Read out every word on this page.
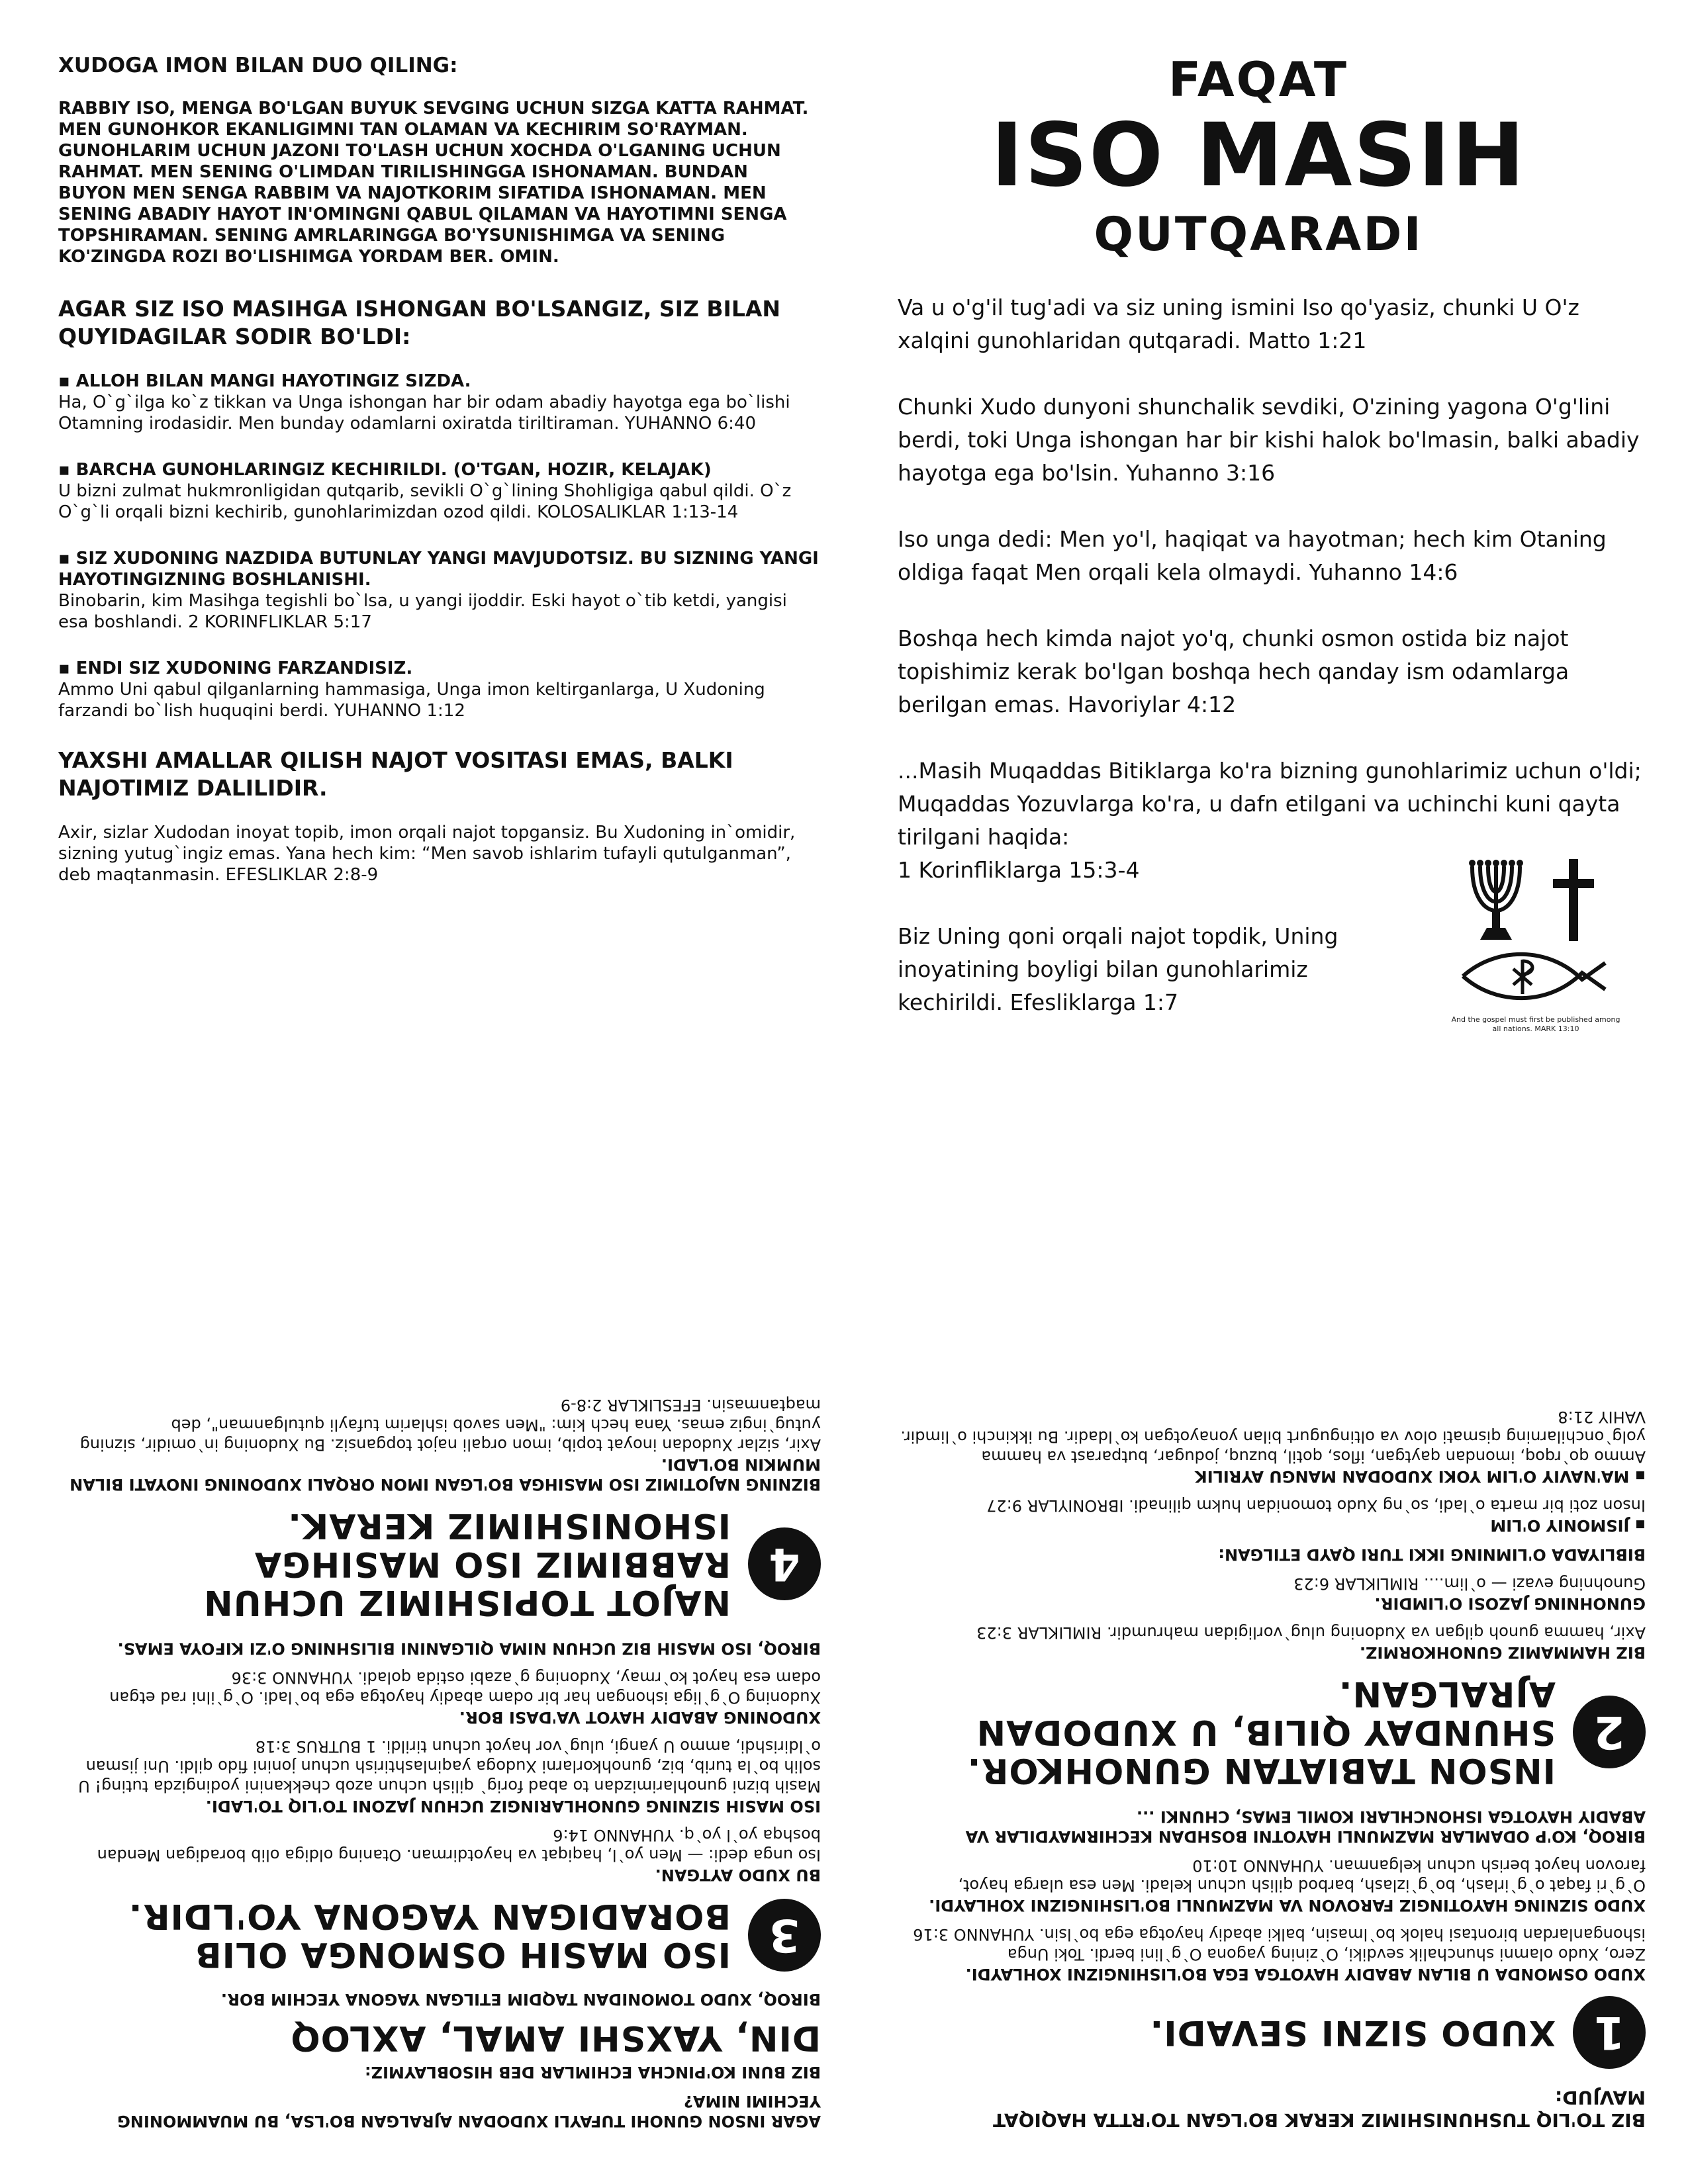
XUDOGA IMON BILAN DUO QILING:
RABBIY ISO, MENGA BO'LGAN BUYUK SEVGING UCHUN SIZGA KATTA RAHMAT. MEN GUNOHKOR EKANLIGIMNI TAN OLAMAN VA KECHIRIM SO'RAYMAN. GUNOHLARIM UCHUN JAZONI TO'LASH UCHUN XOCHDA O'LGANING UCHUN RAHMAT. MEN SENING O'LIMDAN TIRILISHINGGA ISHONAMAN. BUNDAN BUYON MEN SENGA RABBIM VA NAJOTKORIM SIFATIDA ISHONAMAN. MEN SENING ABADIY HAYOT IN'OMINGNI QABUL QILAMAN VA HAYOTIMNI SENGA TOPSHIRAMAN. SENING AMRLARINGGA BO'YSUNISHIMGA VA SENING KO'ZINGDA ROZI BO'LISHIMGA YORDAM BER. OMIN.
AGAR SIZ ISO MASIHGA ISHONGAN BO'LSANGIZ, SIZ BILAN QUYIDAGILAR SODIR BO'LDI:
▪ ALLOH BILAN MANGI HAYOTINGIZ SIZDA.
Ha, O`g`ilga ko`z tikkan va Unga ishongan har bir odam abadiy hayotga ega bo`lishi Otamning irodasidir. Men bunday odamlarni oxiratda tiriltiraman. YUHANNO 6:40
▪ BARCHA GUNOHLARINGIZ KECHIRILDI. (O'TGAN, HOZIR, KELAJAK)
U bizni zulmat hukmronligidan qutqarib, sevikli O`g`lining Shohligiga qabul qildi. O`z O`g`li orqali bizni kechirib, gunohlarimizdan ozod qildi. KOLOSALIKLAR 1:13-14
▪ SIZ XUDONING NAZDIDA BUTUNLAY YANGI MAVJUDOTSIZ. BU SIZNING YANGI HAYOTINGIZNING BOSHLANISHI.
Binobarin, kim Masihga tegishli bo`lsa, u yangi ijoddir. Eski hayot o`tib ketdi, yangisi esa boshlandi. 2 KORINFLIKLAR 5:17
▪ ENDI SIZ XUDONING FARZANDISIZ.
Ammo Uni qabul qilganlarning hammasiga, Unga imon keltirganlarga, U Xudoning farzandi bo`lish huquqini berdi. YUHANNO 1:12
YAXSHI AMALLAR QILISH NAJOT VOSITASI EMAS, BALKI NAJOTIMIZ DALILIDIR.

Axir, sizlar Xudodan inoyat topib, imon orqali najot topgansiz. Bu Xudoning in`omidir, sizning yutug`ingiz emas. Yana hech kim: “Men savob ishlarim tufayli qutulganman”, deb maqtanmasin. EFESLIKLAR 2:8-9

FAQAT
ISO MASIH
QUTQARADI

Va u o'g'il tug'adi va siz uning ismini Iso qo'yasiz, chunki U O'z xalqini gunohlaridan qutqaradi. Matto 1:21

Chunki Xudo dunyoni shunchalik sevdiki, O'zining yagona O'g'lini berdi, toki Unga ishongan har bir kishi halok bo'lmasin, balki abadiy hayotga ega bo'lsin. Yuhanno 3:16

Iso unga dedi: Men yo'l, haqiqat va hayotman; hech kim Otaning oldiga faqat Men orqali kela olmaydi. Yuhanno 14:6

Boshqa hech kimda najot yo'q, chunki osmon ostida biz najot topishimiz kerak bo'lgan boshqa hech qanday ism odamlarga berilgan emas. Havoriylar 4:12

...Masih Muqaddas Bitiklarga ko'ra bizning gunohlarimiz uchun o'ldi; Muqaddas Yozuvlarga ko'ra, u dafn etilgani va uchinchi kuni qayta tirilgani haqida:

1 Korinfliklarga 15:3-4

Biz Uning qoni orqali najot topdik, Uning inoyatining boyligi bilan gunohlarimiz kechirildi. Efesliklarga 1:7

And the gospel must first be published among all nations. MARK 13:10
BIZ TO'LIQ TUSHUNISHIMIZ KERAK BO'LGAN TO'RTTA HAQIQAT MAVJUD:
1
XUDO SIZNI SEVADI.
XUDO OSMONDA U BILAN ABADIY HAYOTGA EGA BO'LISHINGIZNI XOHLAYDI.
Zero, Xudo olamni shunchalik sevdiki, O`zining yagona O`g`lini berdi. Toki Unga ishonganlardan birontasi halok bo`lmasin, balki abadiy hayotga ega bo`lsin. YUHANNO 3:16
XUDO SIZNING HAYOTINGIZ FAROVON VA MAZMUNLI BO'LISHINGIZNI XOHLAYDI.
O`g`ri faqat o`g`irlash, bo`g`izlash, barbod qilish uchun keladi. Men esa ularga hayot, farovon hayot berish uchun kelganman. YUHANNO 10:10
BIROQ, KO'P ODAMLAR MAZMUNLI HAYOTNI BOSHDAN KECHIRMAYDILAR VA ABADIY HAYOTGA ISHONCHLARI KOMIL EMAS, CHUNKI ...
2
INSON TABIATAN GUNOHKOR. SHUNDAY QILIB, U XUDODAN AJRALGAN.
BIZ HAMMAMIZ GUNOHKORMIZ.
Axir, hamma gunoh qilgan va Xudoning ulug`vorligidan mahrumdir. RIMLIKLAR 3:23
GUNOHNING JAZOSI O'LIMDIR.
Gunohning evazi — o`lim.... RIMLIKLAR 6:23
BIBLIYADA O'LIMNING IKKI TURI QAYD ETILGAN:
▪ JISMONIY O'LIM
Inson zoti bir marta o`ladi, so`ng Xudo tomonidan hukm qilinadi. IBRONIYLAR 9:27
▪ MA'NAVIY O'LIM YOKI XUDODAN MANGU AYRILIK
Ammo qo`rqoq, imondan qaytgan, iflos, qotil, buzuq, jodugar, butparast va hamma yolg`onchilarning qismati olov va oltingugurt bilan yonayotgan ko`ldadir. Bu ikkinchi o`limdir. VAHIY 21:8
AGAR INSON GUNOHI TUFAYLI XUDODAN AJRALGAN BO'LSA, BU MUAMMONING YECHIMI NIMA?
BIZ BUNI KO'PINCHA ECHIMLAR DEB HISOBLAYMIZ:
DIN, YAXSHI AMAL, AXLOQ
BIROQ, XUDO TOMONIDAN TAQDIM ETILGAN YAGONA YECHIM BOR.
3
ISO MASIH OSMONGA OLIB BORADIGAN YAGONA YO'LDIR.
BU XUDO AYTGAN.
Iso unga dedi: — Men yo`l, haqiqat va hayotdirman. Otaning oldiga olib boradigan Mendan boshqa yo`l yo`q. YUHANNO 14:6
ISO MASIH SIZNING GUNOHLARINGIZ UCHUN JAZONI TO'LIQ TO'LADI.
Masih bizni gunohlarimizdan to abad forig` qilish uchun azob chekkanini yodingizda tuting! U solih bo`la turib, biz, gunohkorlarni Xudoga yaqinlashtirish uchun jonini fido qildi. Uni jisman o`ldirishdi, ammo U yangi, ulug`vor hayot uchun tirildi. 1 BUTRUS 3:18
XUDONING ABADIY HAYOT VA'DASI BOR.
Xudoning O`g`liga ishongan har bir odam abadiy hayotga ega bo`ladi. O`g`ilni rad etgan odam esa hayot ko`rmay, Xudoning g`azabi ostida qoladi. YUHANNO 3:36
BIROQ, ISO MASIH BIZ UCHUN NIMA QILGANINI BILISHNING O'ZI KIFOYA EMAS.
4
NAJOT TOPISHIMIZ UCHUN RABBIMIZ ISO MASIHGA ISHONISHIMIZ KERAK.
BIZNING NAJOTIMIZ ISO MASIHGA BO'LGAN IMON ORQALI XUDONING INOYATI BILAN MUMKIN BO'LADI.
Axir, sizlar Xudodan inoyat topib, imon orqali najot topgansiz. Bu Xudoning in`omidir, sizning yutug`ingiz emas. Yana hech kim: "Men savob ishlarim tufayli qutulganman", deb maqtanmasin. EFESLIKLAR 2:8-9
